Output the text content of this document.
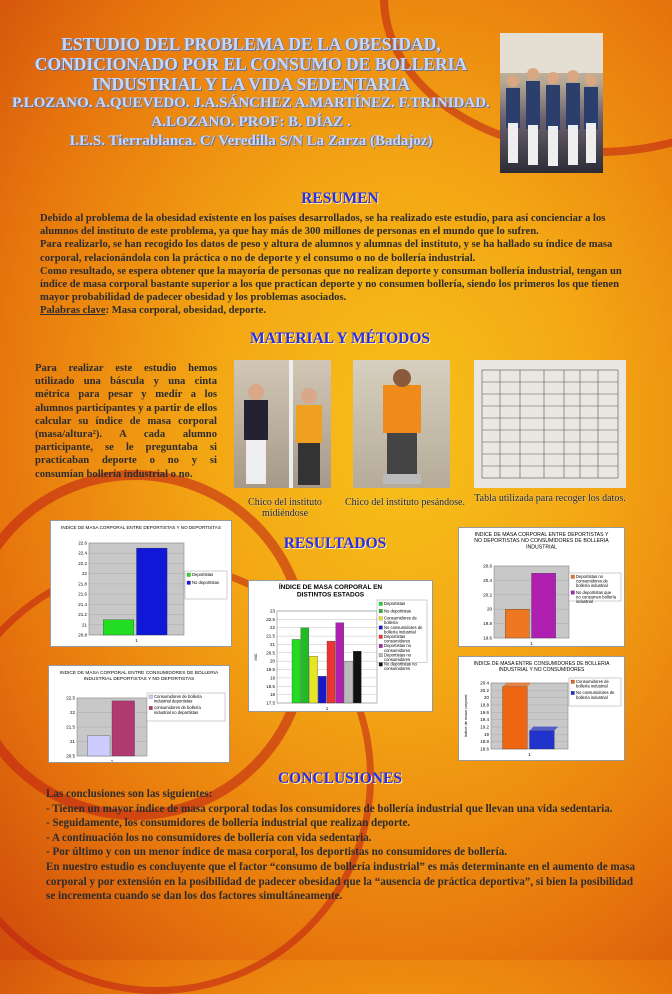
ESTUDIO DEL PROBLEMA DE LA OBESIDAD,
CONDICIONADO POR EL CONSUMO DE BOLLERIA
INDUSTRIAL Y LA VIDA SEDENTARIA
P.LOZANO. A.QUEVEDO. J.A.SÁNCHEZ A.MARTÍNEZ. F.TRINIDAD.
A.LOZANO. PROF: B. DÍAZ .
I.E.S. Tierrablanca. C/ Veredilla S/N La Zarza (Badajoz)
RESUMEN
Debido al problema de la obesidad existente en los países desarrollados, se ha realizado este estudio, para así concienciar a los alumnos del instituto de este problema, ya que hay más de 300 millones de personas en el mundo que lo sufren.
Para realizarlo, se han recogido los datos de peso y altura de alumnos y alumnas del instituto, y se ha hallado su índice de masa corporal, relacionándola con la práctica o no de deporte y el consumo o no de bollería industrial.
Como resultado, se espera obtener que la mayoría de personas que no realizan deporte y consuman bollería industrial, tengan un índice de masa corporal bastante superior a los que practican deporte y no consumen bollería, siendo los primeros los que tienen mayor probabilidad de padecer obesidad y los problemas asociados.
Palabras clave: Masa corporal, obesidad, deporte.
MATERIAL Y MÉTODOS
Para realizar este estudio hemos utilizado una báscula y una cinta métrica para pesar y medir a los alumnos participantes y a partir de ellos calcular su índice de masa corporal (masa/altura²). A cada alumno participante, se le preguntaba si practicaban deporte o no y si consumían bollería industrial o no.
Chico del instituto midiéndose
Chico del instituto pesándose. Tabla utilizada para recoger los datos.
RESULTADOS
INDICE DE MASA CORPORAL ENTRE DEPORTISTAS Y NO DEPORTISTAS
22.6
22.4
22.2
22
21.8
21.6
21.4
21.2
21
20.8
1
Deportistas
No deportistas
ÍNDICE DE MASA CORPORAL EN
DISTINTOS ESTADOS
23
22.5
22
21.5
21
20.5
20
19.5
19
18.5
18
17.5
1
IMC
Deportistas
No deportistas
Consumidores de
bollería
No consumidores de
bollería industrial
Deportistas
consumidores
Deportistas no
consumidores
Deportistas no
consumidores
No deportistas no
consumidores
INDICE DE MASA CORPORAL ENTRE CONSUMIDORES DE BOLLERIA
INDUSTRIAL DEPORTISTAS Y NO DEPORTISTAS
22.5
22
21.5
21
20.5
1
Consumidores de bollería
industrial deportistas
consumidores de bollería
industrial no deportistas
INDICE DE MASA CORPORAL ENTRE DEPORTISTAS Y
NO DEPORTISTAS NO CONSUMIDORES DE BOLLERIA
INDUSTRIAL
20.6
20.4
20.2
20
19.8
19.6
1
Deportistas no
consumidores de
bollería industrial
No deportistas que
no consumen bollería
industrial
INDICE DE MASA ENTRE CONSUMIDORES DE BOLLERIA
INDUSTRIAL Y NO CONSUMIDORES
20.4
20.2
20
19.8
19.6
19.4
19.2
19
18.8
18.6
1
Indice de masa corporal
Consumidores de
bollería industrial
No consumidores de
bollería industrial
CONCLUSIONES
Las conclusiones son las siguientes:
- Tienen un mayor índice de masa corporal todas los consumidores de bollería industrial que llevan una vida sedentaria.
- Seguidamente, los consumidores de bollería industrial que realizan deporte.
- A continuación los no consumidores de bollería con vida sedentaria.
- Por último y con un menor índice de masa corporal, los deportistas no consumidores de bollería.
En nuestro estudio es concluyente que el factor “consumo de bollería industrial” es más determinante en el aumento de masa corporal y por extensión en la posibilidad de padecer obesidad que la “ausencia de práctica deportiva”, si bien la posibilidad se incrementa cuando se dan los dos factores simultáneamente.
